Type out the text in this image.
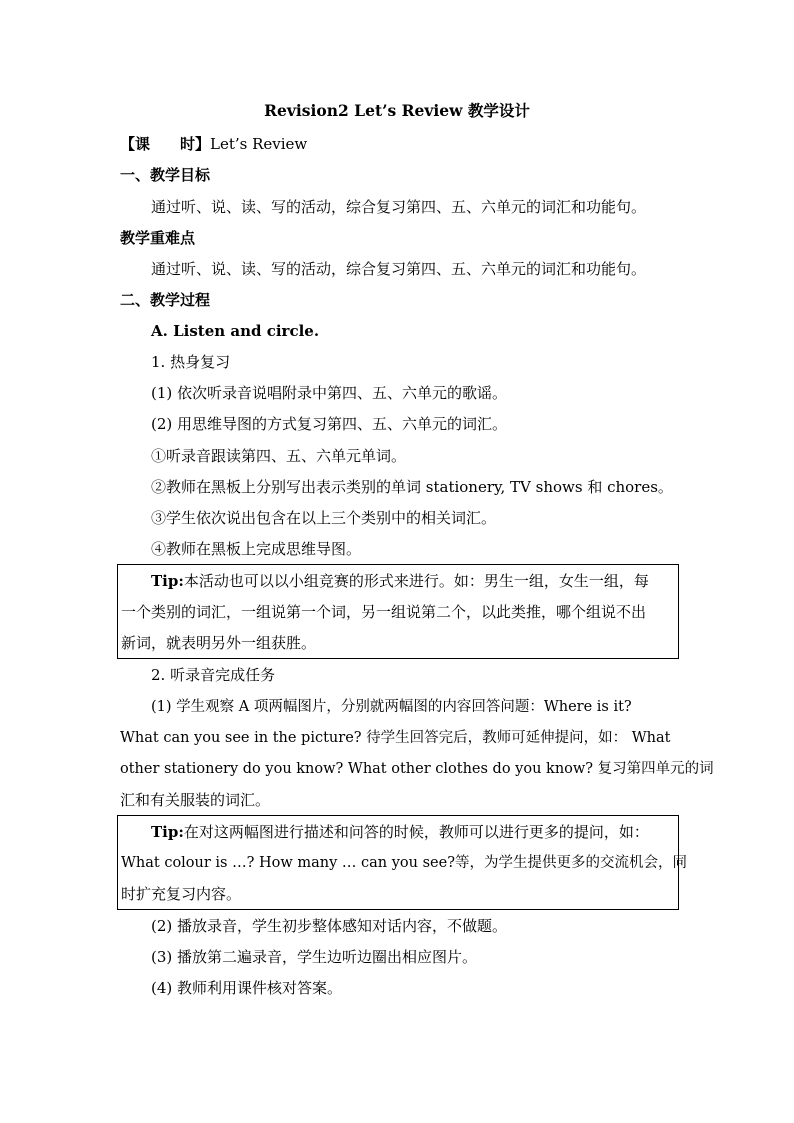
Revision2 Let’s Review 教学设计
【课　　时】Let’s Review
一、教学目标
通过听、说、读、写的活动，综合复习第四、五、六单元的词汇和功能句。
教学重难点
通过听、说、读、写的活动，综合复习第四、五、六单元的词汇和功能句。
二、教学过程
A. Listen and circle.
1. 热身复习
(1) 依次听录音说唱附录中第四、五、六单元的歌谣。
(2) 用思维导图的方式复习第四、五、六单元的词汇。
①听录音跟读第四、五、六单元单词。
②教师在黑板上分别写出表示类别的单词 stationery, TV shows 和 chores。
③学生依次说出包含在以上三个类别中的相关词汇。
④教师在黑板上完成思维导图。
Tip:本活动也可以以小组竞赛的形式来进行。如：男生一组，女生一组，每
一个类别的词汇，一组说第一个词，另一组说第二个，以此类推，哪个组说不出
新词，就表明另外一组获胜。
2. 听录音完成任务
(1) 学生观察 A 项两幅图片，分别就两幅图的内容回答问题：Where is it?
What can you see in the picture? 待学生回答完后，教师可延伸提问，如： What
other stationery do you know? What other clothes do you know? 复习第四单元的词
汇和有关服装的词汇。
Tip:在对这两幅图进行描述和问答的时候，教师可以进行更多的提问，如：
What colour is …? How many … can you see?等，为学生提供更多的交流机会，同
时扩充复习内容。
(2) 播放录音，学生初步整体感知对话内容，不做题。
(3) 播放第二遍录音，学生边听边圈出相应图片。
(4) 教师利用课件核对答案。
